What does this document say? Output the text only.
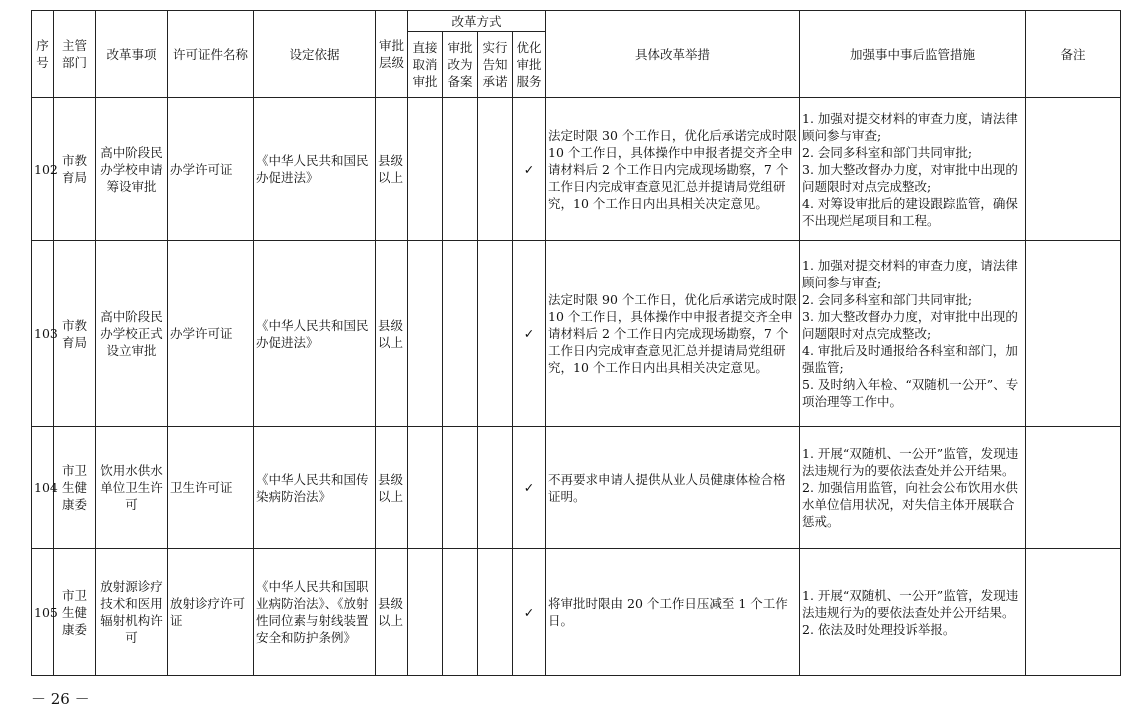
序号	主管部门	改革事项	许可证件名称	设定依据	审批层级	改革方式				具体改革举措	加强事中事后监管措施	备注
						直接取消审批	审批改为备案	实行告知承诺	优化审批服务			
102	市教育局	高中阶段民办学校申请筹设审批	办学许可证	《中华人民共和国民办促进法》	县级以上				✓	法定时限 30 个工作日，优化后承诺完成时限 10 个工作日，具体操作中申报者提交齐全申请材料后 2 个工作日内完成现场勘察，7 个工作日内完成审查意见汇总并提请局党组研究，10 个工作日内出具相关决定意见。	1. 加强对提交材料的审查力度，请法律顾问参与审查;
2. 会同多科室和部门共同审批;
3. 加大整改督办力度，对审批中出现的问题限时对点完成整改;
4. 对筹设审批后的建设跟踪监管，确保不出现烂尾项目和工程。	
103	市教育局	高中阶段民办学校正式设立审批	办学许可证	《中华人民共和国民办促进法》	县级以上				✓	法定时限 90 个工作日，优化后承诺完成时限 10 个工作日，具体操作中申报者提交齐全申请材料后 2 个工作日内完成现场勘察，7 个工作日内完成审查意见汇总并提请局党组研究，10 个工作日内出具相关决定意见。	1. 加强对提交材料的审查力度，请法律顾问参与审查;
2. 会同多科室和部门共同审批;
3. 加大整改督办力度，对审批中出现的问题限时对点完成整改;
4. 审批后及时通报给各科室和部门，加强监管;
5. 及时纳入年检、“双随机一公开”、专项治理等工作中。	
104	市卫生健康委	饮用水供水单位卫生许可	卫生许可证	《中华人民共和国传染病防治法》	县级以上				✓	不再要求申请人提供从业人员健康体检合格证明。	1. 开展“双随机、一公开”监管，发现违法违规行为的要依法查处并公开结果。
2. 加强信用监管，向社会公布饮用水供水单位信用状况，对失信主体开展联合惩戒。	
105	市卫生健康委	放射源诊疗技术和医用辐射机构许可	放射诊疗许可证	《中华人民共和国职业病防治法》、《放射性同位素与射线装置安全和防护条例》	县级以上				✓	将审批时限由 20 个工作日压减至 1 个工作日。	1. 开展“双随机、一公开”监管，发现违法违规行为的要依法查处并公开结果。
2. 依法及时处理投诉举报。	
－ 26 －
